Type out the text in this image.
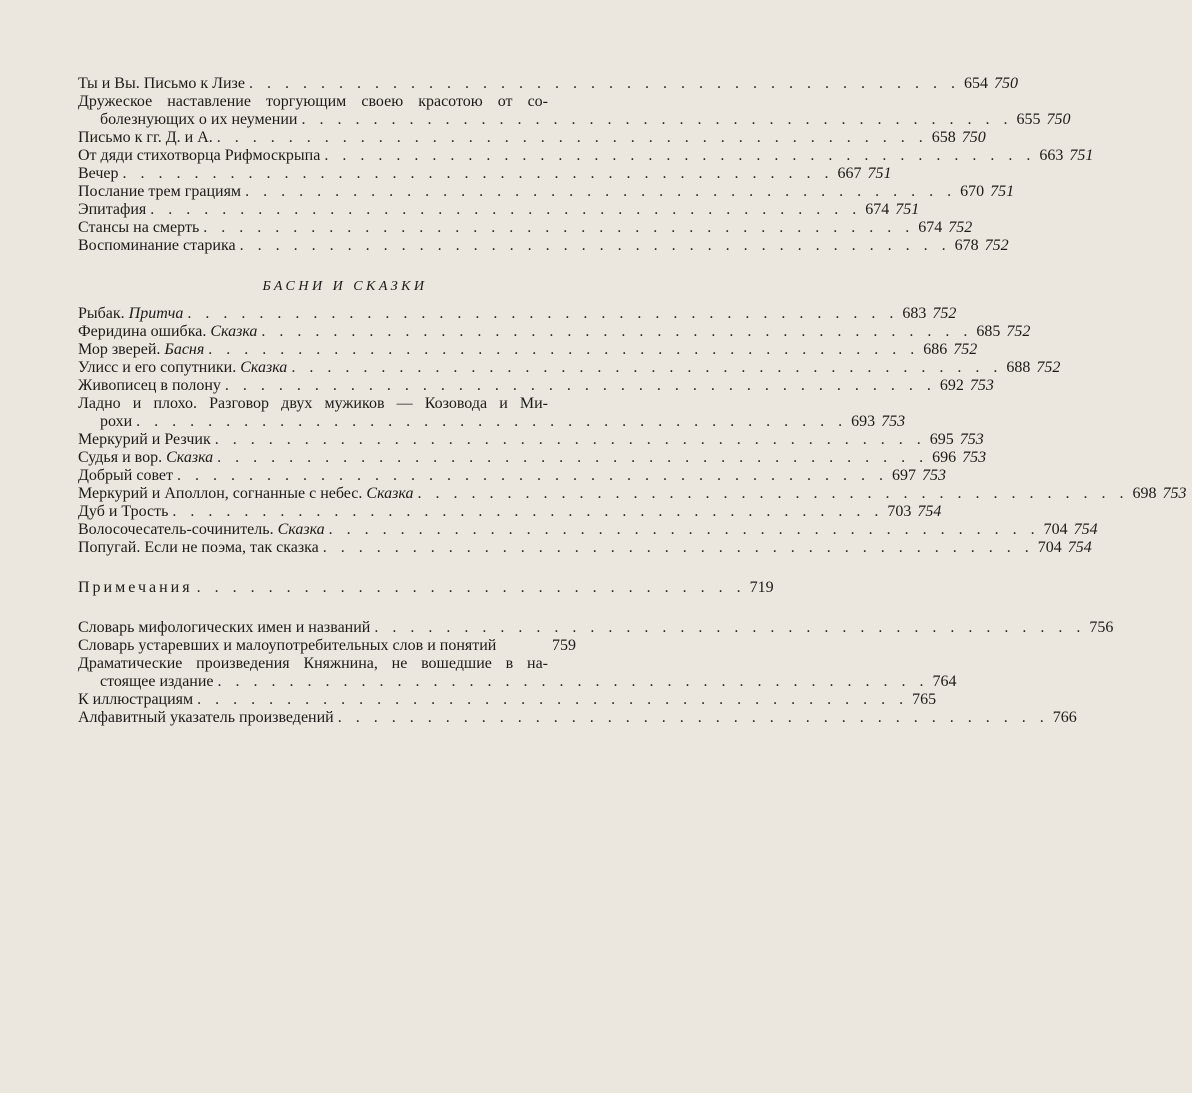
Ты и Вы. Письмо к Лизе . . . . . . . . . . . . . . . . . . . . . . . . . . . . . . . . . . . . . . . . 654 750
Дружеское наставление торгующим своею красотою от со-
болезнующих о их неумении . . . . . . . . . . . . . . . . . . . . . . . . . . . . . . . . . . . . . . . . 655 750
Письмо к гг. Д. и А. . . . . . . . . . . . . . . . . . . . . . . . . . . . . . . . . . . . . . . . . 658 750
От дяди стихотворца Рифмоскрыпа . . . . . . . . . . . . . . . . . . . . . . . . . . . . . . . . . . . . . . . . 663 751
Вечер . . . . . . . . . . . . . . . . . . . . . . . . . . . . . . . . . . . . . . . . 667 751
Послание трем грациям . . . . . . . . . . . . . . . . . . . . . . . . . . . . . . . . . . . . . . . . 670 751
Эпитафия . . . . . . . . . . . . . . . . . . . . . . . . . . . . . . . . . . . . . . . . 674 751
Стансы на смерть . . . . . . . . . . . . . . . . . . . . . . . . . . . . . . . . . . . . . . . . 674 752
Воспоминание старика . . . . . . . . . . . . . . . . . . . . . . . . . . . . . . . . . . . . . . . . 678 752
БАСНИ И СКАЗКИ
Рыбак. Притча . . . . . . . . . . . . . . . . . . . . . . . . . . . . . . . . . . . . . . . . 683 752
Феридина ошибка. Сказка . . . . . . . . . . . . . . . . . . . . . . . . . . . . . . . . . . . . . . . . 685 752
Мор зверей. Басня . . . . . . . . . . . . . . . . . . . . . . . . . . . . . . . . . . . . . . . . 686 752
Улисс и его сопутники. Сказка . . . . . . . . . . . . . . . . . . . . . . . . . . . . . . . . . . . . . . . . 688 752
Живописец в полону . . . . . . . . . . . . . . . . . . . . . . . . . . . . . . . . . . . . . . . . 692 753
Ладно и плохо. Разговор двух мужиков — Козовода и Ми-
рохи . . . . . . . . . . . . . . . . . . . . . . . . . . . . . . . . . . . . . . . . 693 753
Меркурий и Резчик . . . . . . . . . . . . . . . . . . . . . . . . . . . . . . . . . . . . . . . . 695 753
Судья и вор. Сказка . . . . . . . . . . . . . . . . . . . . . . . . . . . . . . . . . . . . . . . . 696 753
Добрый совет . . . . . . . . . . . . . . . . . . . . . . . . . . . . . . . . . . . . . . . . 697 753
Меркурий и Аполлон, согнанные с небес. Сказка . . . . . . . . . . . . . . . . . . . . . . . . . . . . . . . . . . . . . . . . 698 753
Дуб и Трость . . . . . . . . . . . . . . . . . . . . . . . . . . . . . . . . . . . . . . . . 703 754
Волосочесатель-сочинитель. Сказка . . . . . . . . . . . . . . . . . . . . . . . . . . . . . . . . . . . . . . . . 704 754
Попугай. Если не поэма, так сказка . . . . . . . . . . . . . . . . . . . . . . . . . . . . . . . . . . . . . . . . 704 754
Примечания . . . . . . . . . . . . . . . . . . . . . . . . . . . . . . . 719
Словарь мифологических имен и названий . . . . . . . . . . . . . . . . . . . . . . . . . . . . . . . . . . . . . . . . 756
Словарь устаревших и малоупотребительных слов и понятий	759
Драматические произведения Княжнина, не вошедшие в на-
стоящее издание . . . . . . . . . . . . . . . . . . . . . . . . . . . . . . . . . . . . . . . . 764
К иллюстрациям . . . . . . . . . . . . . . . . . . . . . . . . . . . . . . . . . . . . . . . . 765
Алфавитный указатель произведений . . . . . . . . . . . . . . . . . . . . . . . . . . . . . . . . . . . . . . . . 766
